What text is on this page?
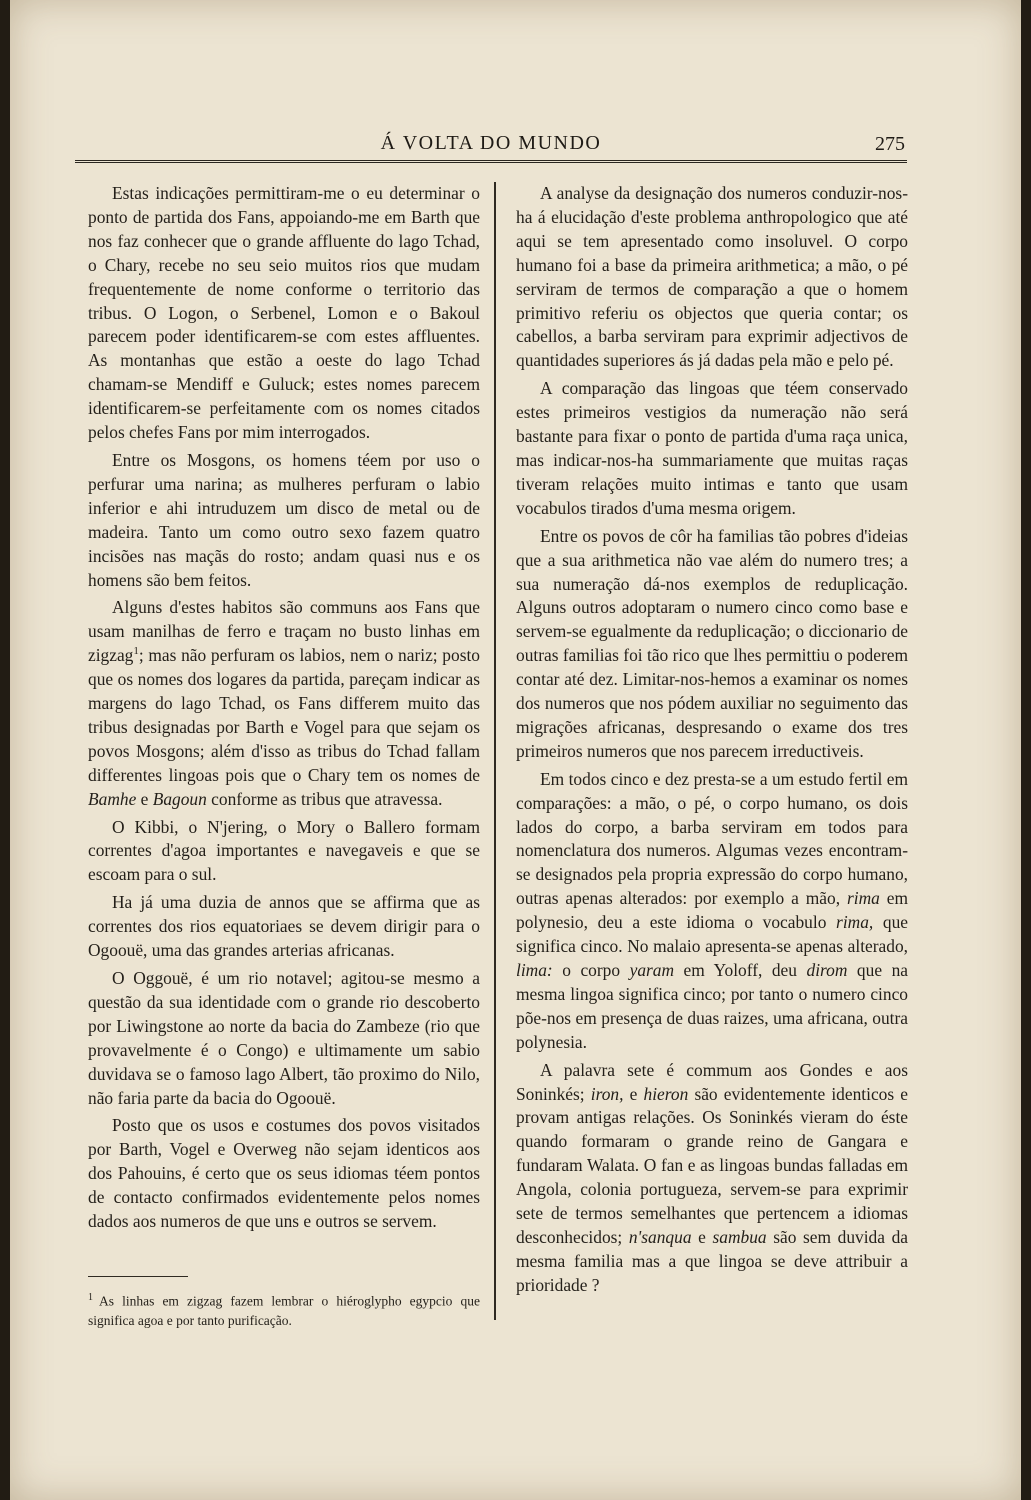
Á VOLTA DO MUNDO	275

Estas indicações permittiram-me o eu determinar o ponto de partida dos Fans, appoiando-me em Barth que nos faz conhecer que o grande affluente do lago Tchad, o Chary, recebe no seu seio muitos rios que mudam frequentemente de nome conforme o territorio das tribus. O Logon, o Serbenel, Lomon e o Bakoul parecem poder identificarem-se com estes affluentes. As montanhas que estão a oeste do lago Tchad chamam-se Mendiff e Guluck; estes nomes parecem identificarem-se perfeitamente com os nomes citados pelos chefes Fans por mim interrogados.

Entre os Mosgons, os homens téem por uso o perfurar uma narina; as mulheres perfuram o labio inferior e ahi intruduzem um disco de metal ou de madeira. Tanto um como outro sexo fazem quatro incisões nas maçãs do rosto; andam quasi nus e os homens são bem feitos.

Alguns d'estes habitos são communs aos Fans que usam manilhas de ferro e traçam no busto linhas em zigzag$^1$; mas não perfuram os labios, nem o nariz; posto que os nomes dos logares da partida, pareçam indicar as margens do lago Tchad, os Fans differem muito das tribus designadas por Barth e Vogel para que sejam os povos Mosgons; além d'isso as tribus do Tchad fallam differentes lingoas pois que o Chary tem os nomes de Bamhe e Bagoun conforme as tribus que atravessa.

O Kibbi, o N'jering, o Mory o Ballero formam correntes d'agoa importantes e navegaveis e que se escoam para o sul.

Ha já uma duzia de annos que se affirma que as correntes dos rios equatoriaes se devem dirigir para o Ogoouë, uma das grandes arterias africanas.

O Oggouë, é um rio notavel; agitou-se mesmo a questão da sua identidade com o grande rio descoberto por Liwingstone ao norte da bacia do Zambeze (rio que provavelmente é o Congo) e ultimamente um sabio duvidava se o famoso lago Albert, tão proximo do Nilo, não faria parte da bacia do Ogoouë.

Posto que os usos e costumes dos povos visitados por Barth, Vogel e Overweg não sejam identicos aos dos Pahouins, é certo que os seus idiomas téem pontos de contacto confirmados evidentemente pelos nomes dados aos numeros de que uns e outros se servem.

A analyse da designação dos numeros conduzir-nos-ha á elucidação d'este problema anthropologico que até aqui se tem apresentado como insoluvel. O corpo humano foi a base da primeira arithmetica; a mão, o pé serviram de termos de comparação a que o homem primitivo referiu os objectos que queria contar; os cabellos, a barba serviram para exprimir adjectivos de quantidades superiores ás já dadas pela mão e pelo pé.

A comparação das lingoas que téem conservado estes primeiros vestigios da numeração não será bastante para fixar o ponto de partida d'uma raça unica, mas indicar-nos-ha summariamente que muitas raças tiveram relações muito intimas e tanto que usam vocabulos tirados d'uma mesma origem.

Entre os povos de côr ha familias tão pobres d'ideias que a sua arithmetica não vae além do numero tres; a sua numeração dá-nos exemplos de reduplicação. Alguns outros adoptaram o numero cinco como base e servem-se egualmente da reduplicação; o diccionario de outras familias foi tão rico que lhes permittiu o poderem contar até dez. Limitar-nos-hemos a examinar os nomes dos numeros que nos pódem auxiliar no seguimento das migrações africanas, despresando o exame dos tres primeiros numeros que nos parecem irreductiveis.

Em todos cinco e dez presta-se a um estudo fertil em comparações: a mão, o pé, o corpo humano, os dois lados do corpo, a barba serviram em todos para nomenclatura dos numeros. Algumas vezes encontram-se designados pela propria expressão do corpo humano, outras apenas alterados: por exemplo a mão, rima em polynesio, deu a este idioma o vocabulo rima, que significa cinco. No malaio apresenta-se apenas alterado, lima: o corpo yaram em Yoloff, deu dirom que na mesma lingoa significa cinco; por tanto o numero cinco põe-nos em presença de duas raizes, uma africana, outra polynesia.

A palavra sete é commum aos Gondes e aos Soninkés; iron, e hieron são evidentemente identicos e provam antigas relações. Os Soninkés vieram do éste quando formaram o grande reino de Gangara e fundaram Walata. O fan e as lingoas bundas falladas em Angola, colonia portugueza, servem-se para exprimir sete de termos semelhantes que pertencem a idiomas desconhecidos; n'sanqua e sambua são sem duvida da mesma familia mas a que lingoa se deve attribuir a prioridade ?

$^1$ As linhas em zigzag fazem lembrar o hiéroglypho egypcio que significa agoa e por tanto purificação.
